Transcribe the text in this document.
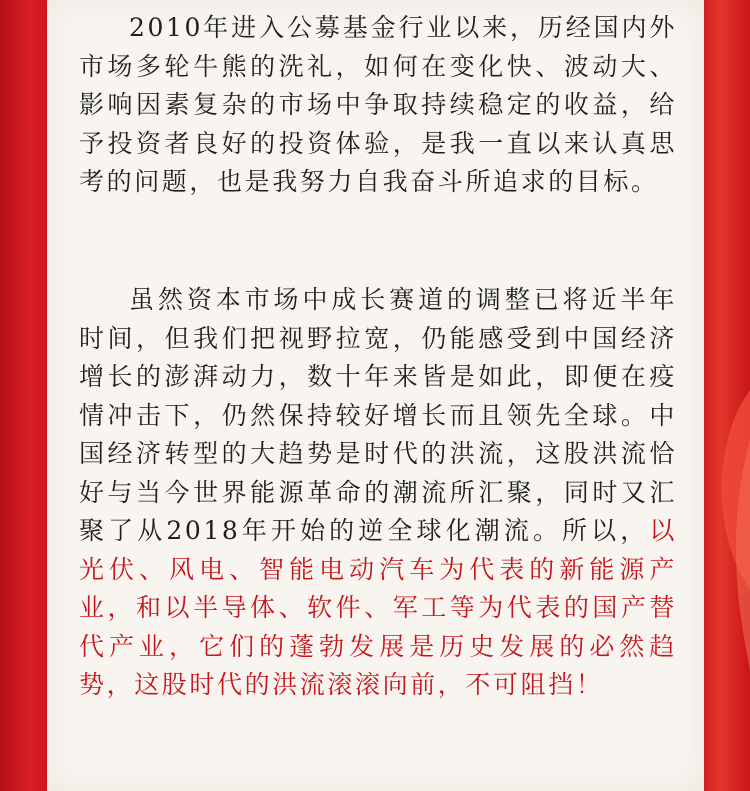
2010年进入公募基金行业以来，历经国内外市场多轮牛熊的洗礼，如何在变化快、波动大、影响因素复杂的市场中争取持续稳定的收益，给予投资者良好的投资体验，是我一直以来认真思考的问题，也是我努力自我奋斗所追求的目标。

虽然资本市场中成长赛道的调整已将近半年时间，但我们把视野拉宽，仍能感受到中国经济增长的澎湃动力，数十年来皆是如此，即便在疫情冲击下，仍然保持较好增长而且领先全球。中国经济转型的大趋势是时代的洪流，这股洪流恰好与当今世界能源革命的潮流所汇聚，同时又汇聚了从2018年开始的逆全球化潮流。所以，以光伏、风电、智能电动汽车为代表的新能源产业，和以半导体、软件、军工等为代表的国产替代产业，它们的蓬勃发展是历史发展的必然趋势，这股时代的洪流滚滚向前，不可阻挡！
